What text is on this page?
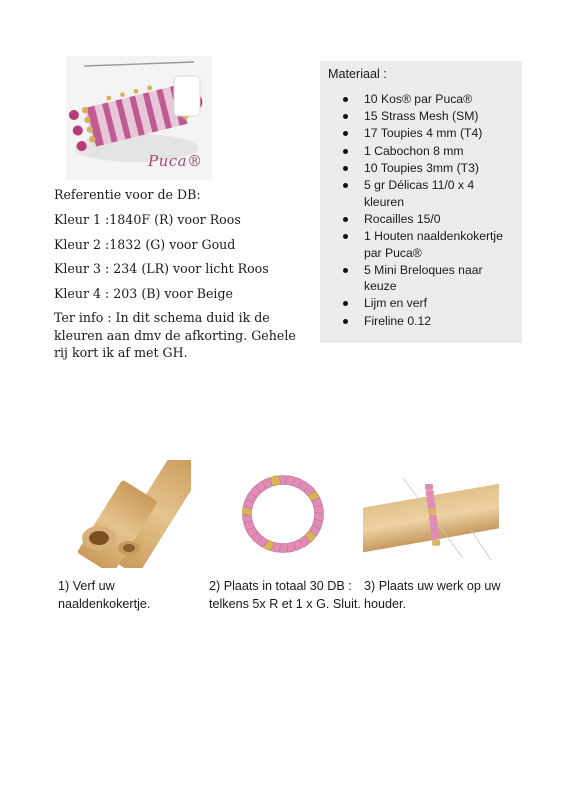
Puca®
Referentie voor de DB:
Kleur 1 :1840F (R) voor Roos
Kleur 2 :1832 (G) voor Goud
Kleur 3 : 234 (LR) voor licht Roos
Kleur 4 : 203 (B) voor Beige
Ter info : In dit schema duid ik de kleuren aan dmv de afkorting. Gehele rij kort ik af met GH.
Materiaal :
10 Kos® par Puca®
15 Strass Mesh (SM)
17 Toupies 4 mm (T4)
1 Cabochon 8 mm
10 Toupies 3mm (T3)
5 gr Délicas 11/0 x 4 kleuren
Rocailles 15/0
1 Houten naaldenkokertje par Puca®
5 Mini Breloques naar keuze
Lijm en verf
Fireline 0.12
1) Verf uw naaldenkokertje.
2) Plaats in totaal 30 DB : telkens 5x R et 1 x G. Sluit.
3) Plaats uw werk op uw houder.
